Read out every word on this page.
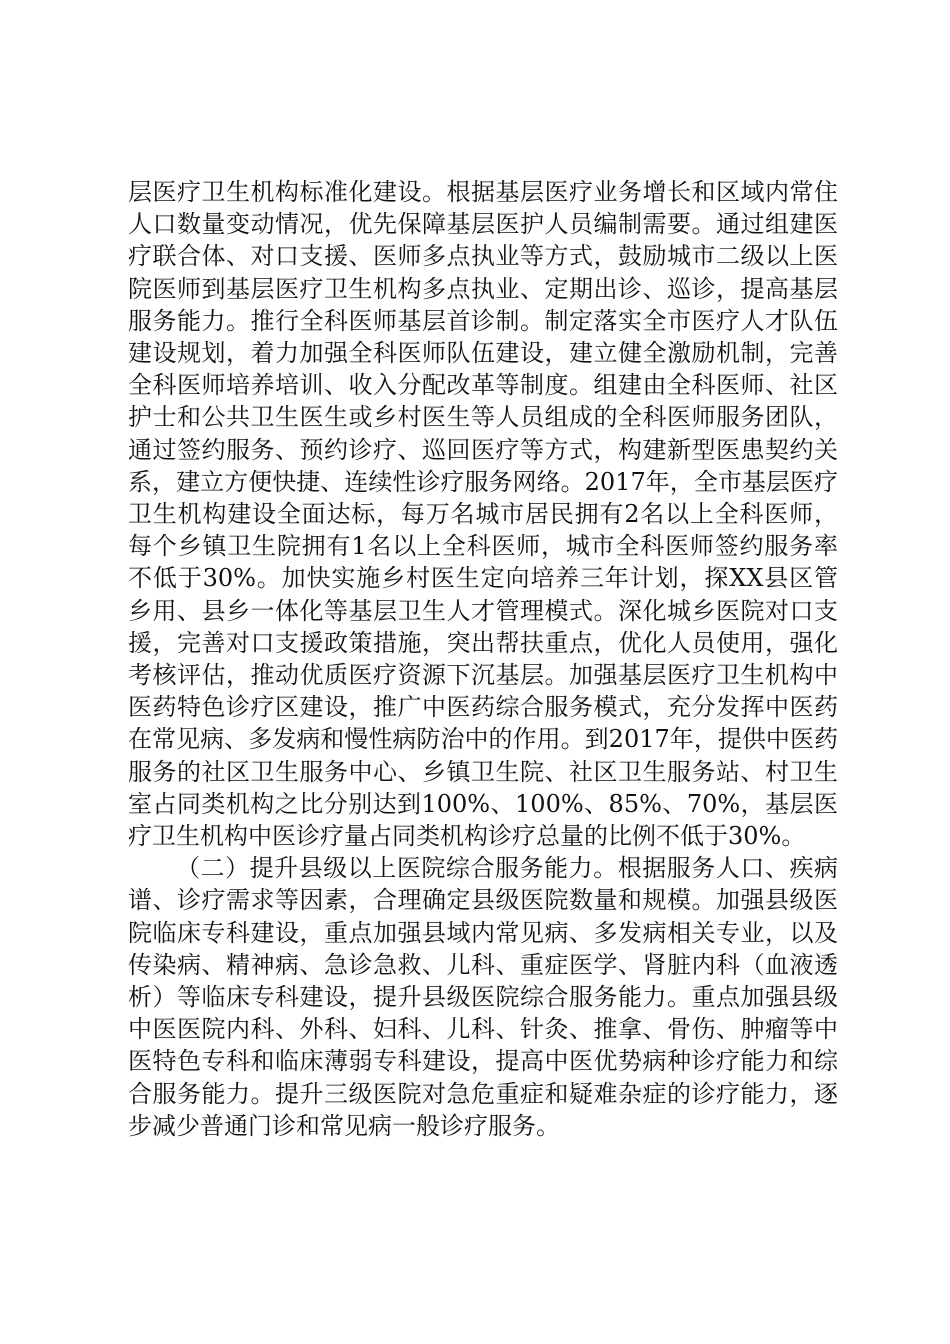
层医疗卫生机构标准化建设。根据基层医疗业务增长和区域内常住人口数量变动情况，优先保障基层医护人员编制需要。通过组建医疗联合体、对口支援、医师多点执业等方式，鼓励城市二级以上医院医师到基层医疗卫生机构多点执业、定期出诊、巡诊，提高基层服务能力。推行全科医师基层首诊制。制定落实全市医疗人才队伍建设规划，着力加强全科医师队伍建设，建立健全激励机制，完善全科医师培养培训、收入分配改革等制度。组建由全科医师、社区护士和公共卫生医生或乡村医生等人员组成的全科医师服务团队，通过签约服务、预约诊疗、巡回医疗等方式，构建新型医患契约关系，建立方便快捷、连续性诊疗服务网络。2017年，全市基层医疗卫生机构建设全面达标，每万名城市居民拥有2名以上全科医师，每个乡镇卫生院拥有1名以上全科医师，城市全科医师签约服务率不低于30%。加快实施乡村医生定向培养三年计划，探XX县区管乡用、县乡一体化等基层卫生人才管理模式。深化城乡医院对口支援，完善对口支援政策措施，突出帮扶重点，优化人员使用，强化考核评估，推动优质医疗资源下沉基层。加强基层医疗卫生机构中医药特色诊疗区建设，推广中医药综合服务模式，充分发挥中医药在常见病、多发病和慢性病防治中的作用。到2017年，提供中医药服务的社区卫生服务中心、乡镇卫生院、社区卫生服务站、村卫生室占同类机构之比分别达到100%、100%、85%、70%，基层医疗卫生机构中医诊疗量占同类机构诊疗总量的比例不低于30%。

（二）提升县级以上医院综合服务能力。根据服务人口、疾病谱、诊疗需求等因素，合理确定县级医院数量和规模。加强县级医院临床专科建设，重点加强县域内常见病、多发病相关专业，以及传染病、精神病、急诊急救、儿科、重症医学、肾脏内科（血液透析）等临床专科建设，提升县级医院综合服务能力。重点加强县级中医医院内科、外科、妇科、儿科、针灸、推拿、骨伤、肿瘤等中医特色专科和临床薄弱专科建设，提高中医优势病种诊疗能力和综合服务能力。提升三级医院对急危重症和疑难杂症的诊疗能力，逐步减少普通门诊和常见病一般诊疗服务。
